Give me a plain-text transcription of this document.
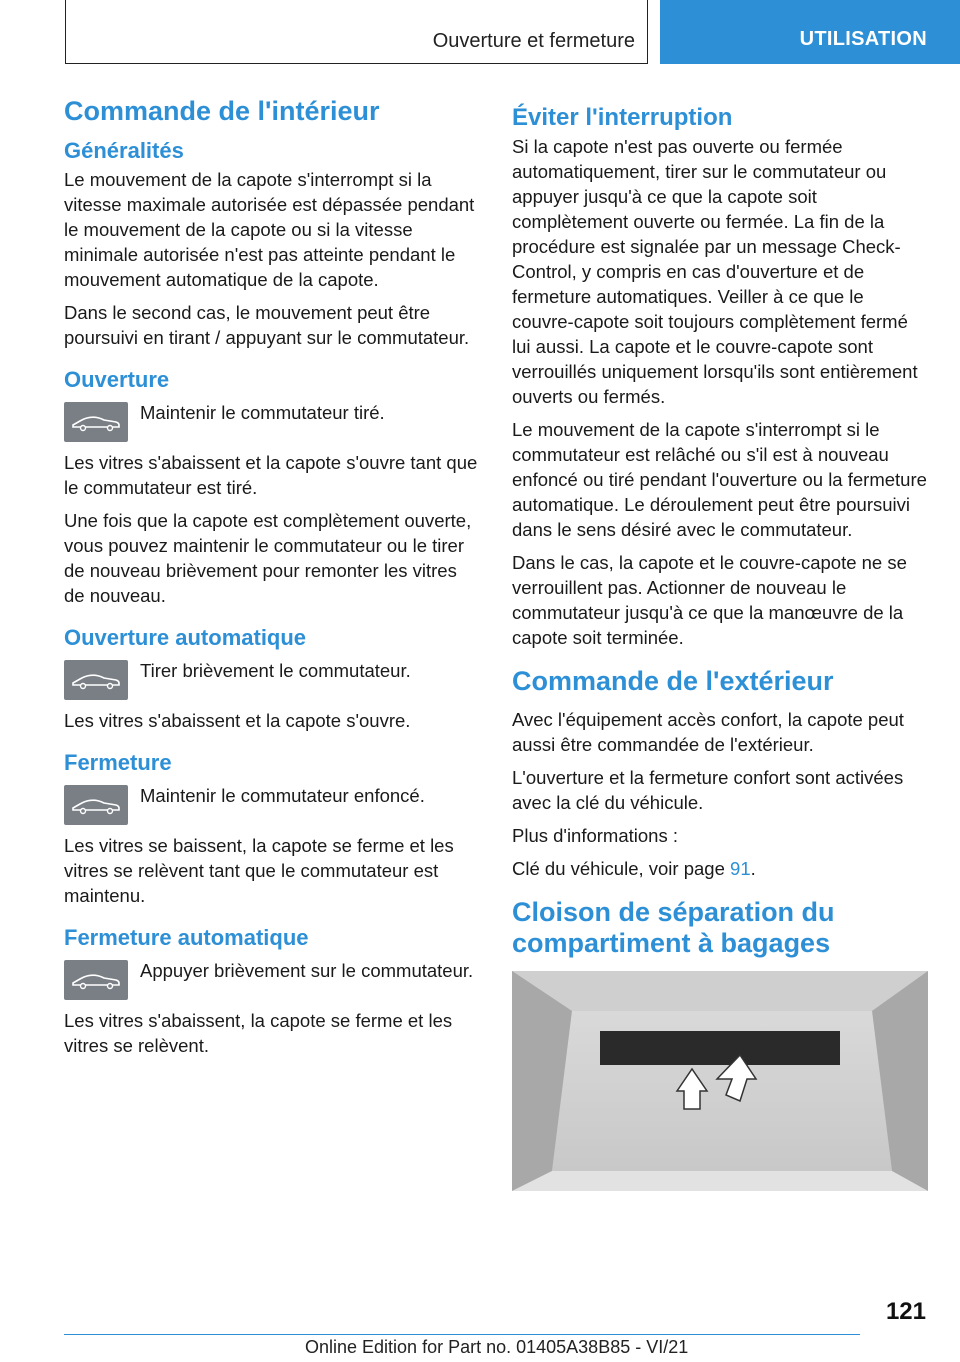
Ouverture et fermeture	UTILISATION
Commande de l'intérieur
Généralités

Le mouvement de la capote s'interrompt si la vitesse maximale autorisée est dépassée pendant le mouvement de la capote ou si la vitesse minimale autorisée n'est pas atteinte pendant le mouvement automatique de la capote.

Dans le second cas, le mouvement peut être poursuivi en tirant / appuyant sur le commutateur.

Ouverture
Maintenir le commutateur tiré.

Les vitres s'abaissent et la capote s'ouvre tant que le commutateur est tiré.

Une fois que la capote est complètement ouverte, vous pouvez maintenir le commutateur ou le tirer de nouveau brièvement pour remonter les vitres de nouveau.

Ouverture automatique
Tirer brièvement le commutateur.

Les vitres s'abaissent et la capote s'ouvre.

Fermeture
Maintenir le commutateur enfoncé.

Les vitres se baissent, la capote se ferme et les vitres se relèvent tant que le commutateur est maintenu.

Fermeture automatique
Appuyer brièvement sur le commutateur.

Les vitres s'abaissent, la capote se ferme et les vitres se relèvent.

Éviter l'interruption

Si la capote n'est pas ouverte ou fermée automatiquement, tirer sur le commutateur ou appuyer jusqu'à ce que la capote soit complètement ouverte ou fermée. La fin de la procédure est signalée par un message Check-Control, y compris en cas d'ouverture et de fermeture automatiques. Veiller à ce que le couvre-capote soit toujours complètement fermé lui aussi. La capote et le couvre-capote sont verrouillés uniquement lorsqu'ils sont entièrement ouverts ou fermés.

Le mouvement de la capote s'interrompt si le commutateur est relâché ou s'il est à nouveau enfoncé ou tiré pendant l'ouverture ou la fermeture automatique. Le déroulement peut être poursuivi dans le sens désiré avec le commutateur.

Dans le cas, la capote et le couvre-capote ne se verrouillent pas. Actionner de nouveau le commutateur jusqu'à ce que la manœuvre de la capote soit terminée.

Commande de l'extérieur

Avec l'équipement accès confort, la capote peut aussi être commandée de l'extérieur.

L'ouverture et la fermeture confort sont activées avec la clé du véhicule.

Plus d'informations :

Clé du véhicule, voir page 91.

Cloison de séparation du compartiment à bagages
121
Online Edition for Part no. 01405A38B85 - VI/21
